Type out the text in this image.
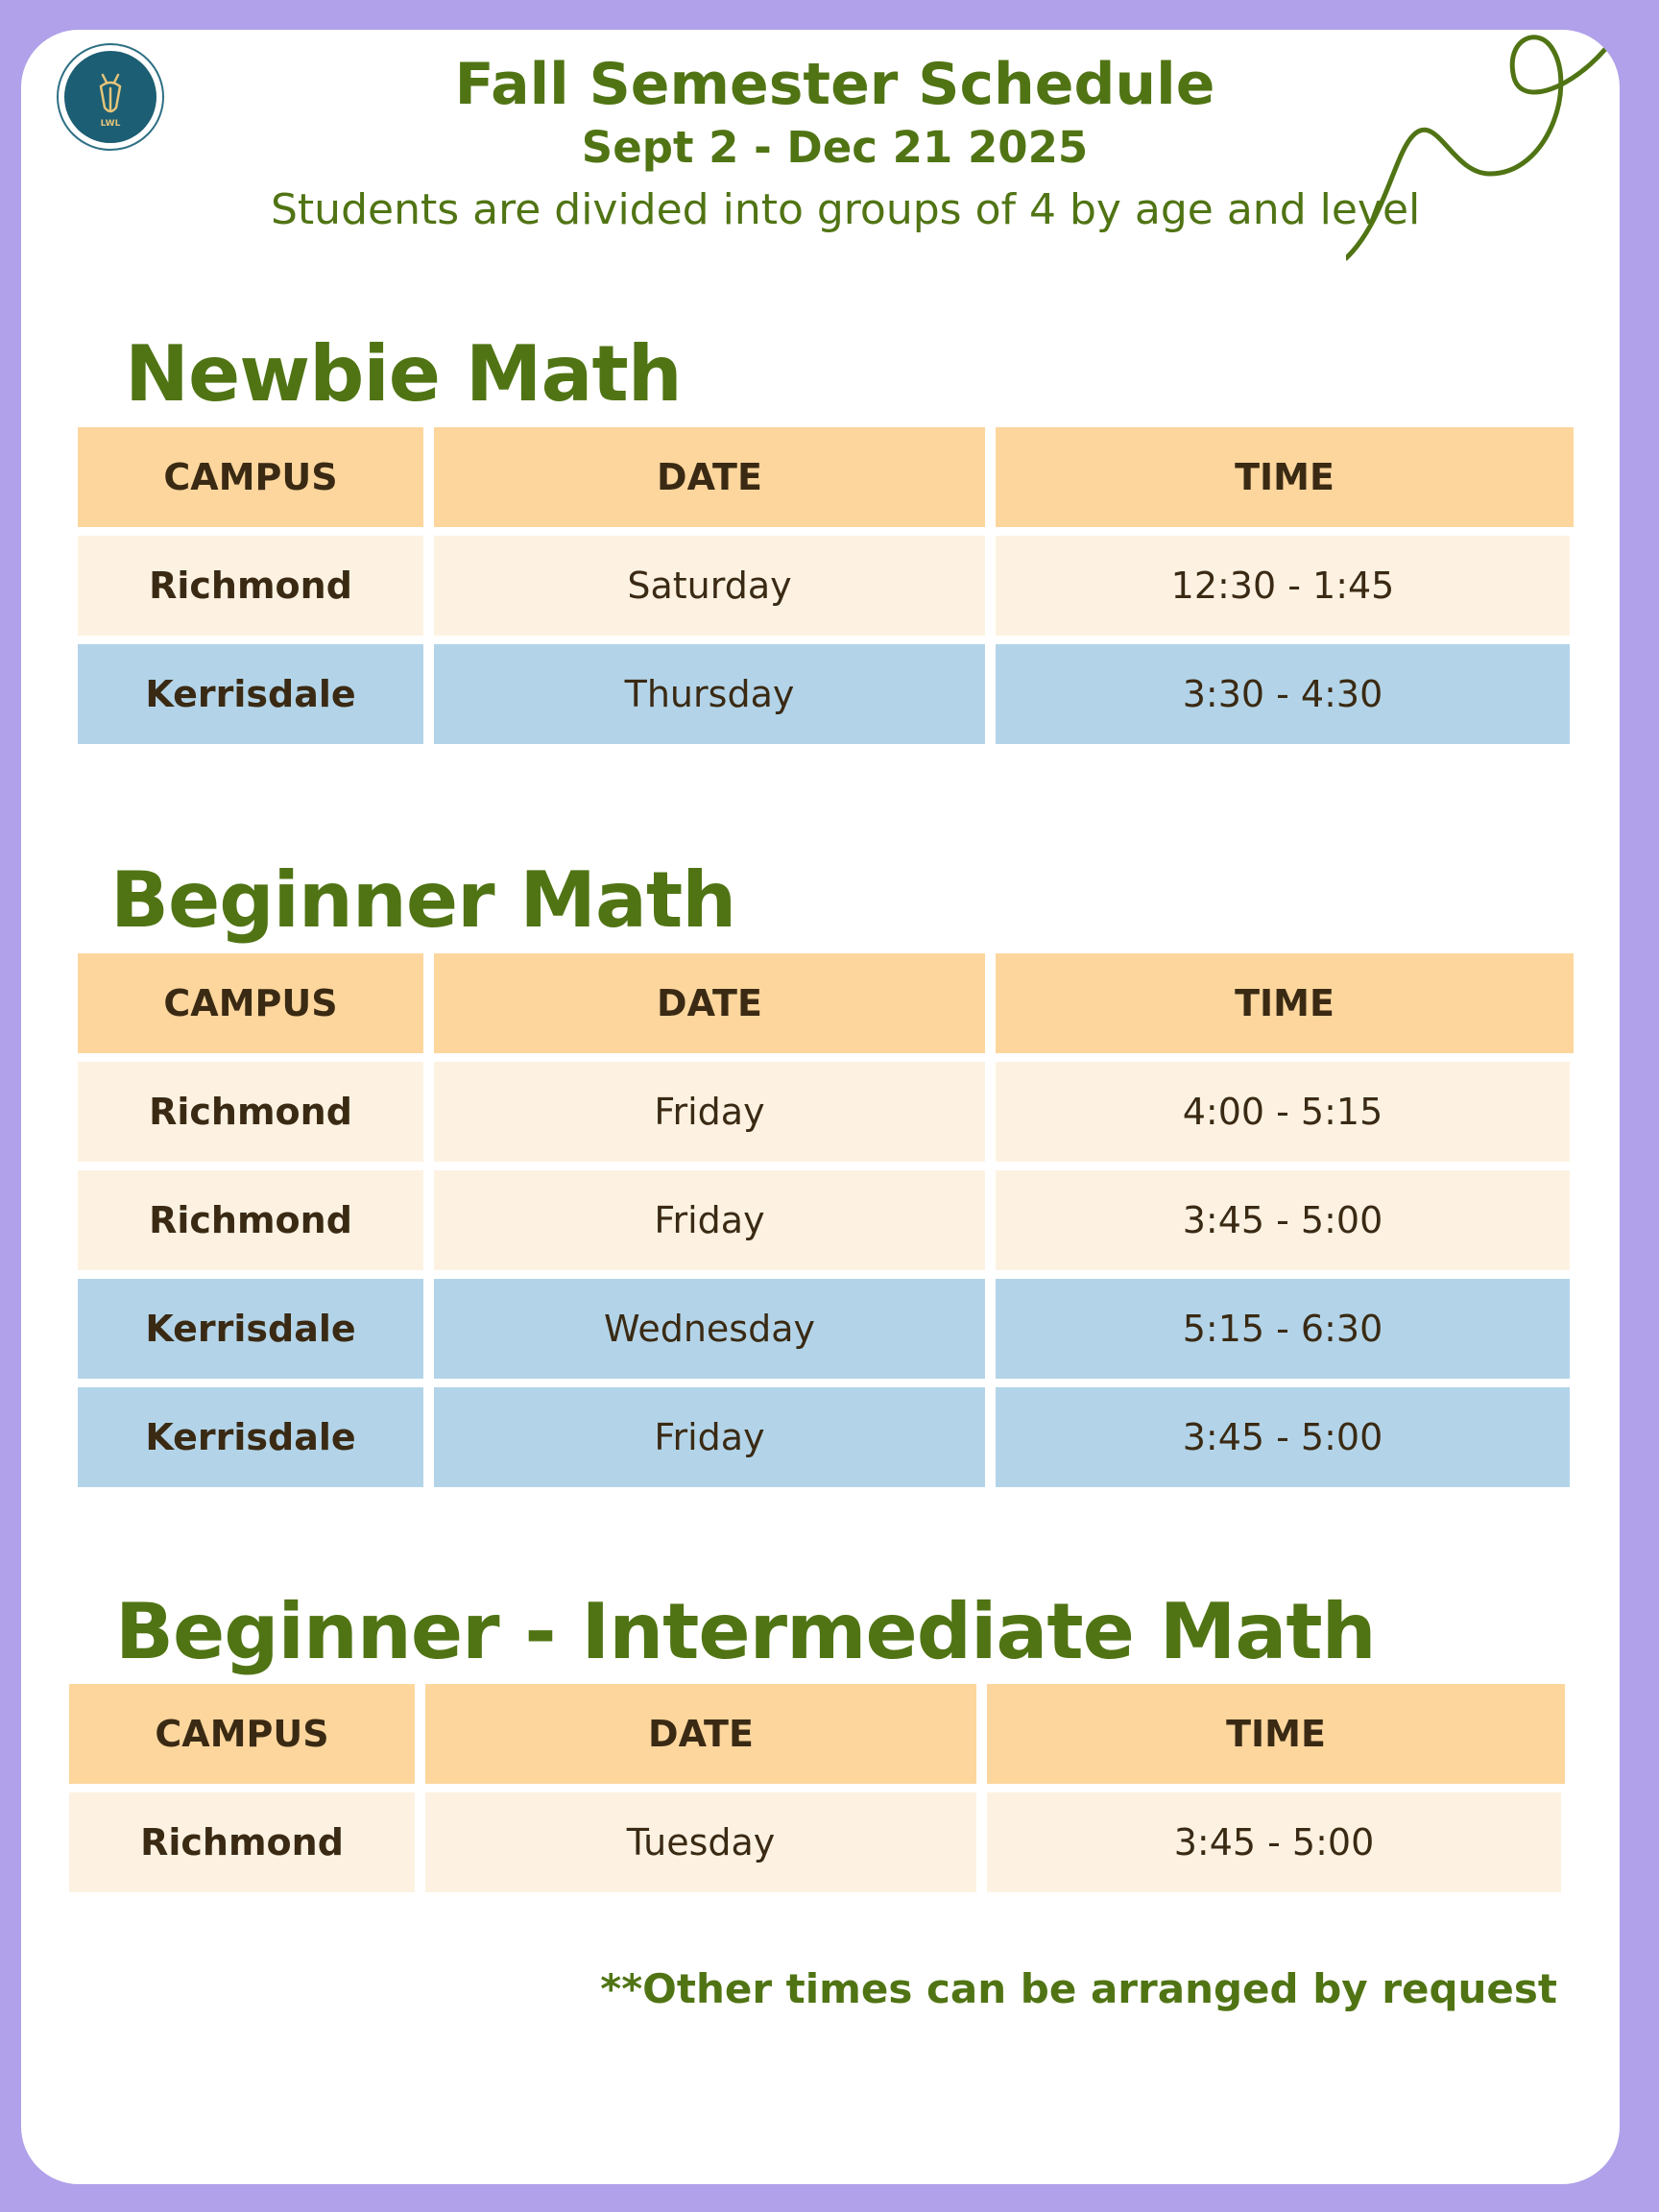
LWL
Fall Semester Schedule
Sept 2 - Dec 21 2025
Students are divided into groups of 4 by age and level
Newbie Math
CAMPUS	DATE	TIME
Richmond	Saturday	12:30 - 1:45
Kerrisdale	Thursday	3:30 - 4:30
Beginner Math
CAMPUS	DATE	TIME
Richmond	Friday	4:00 - 5:15
Richmond	Friday	3:45 - 5:00
Kerrisdale	Wednesday	5:15 - 6:30
Kerrisdale	Friday	3:45 - 5:00
Beginner - Intermediate Math
CAMPUS	DATE	TIME
Richmond	Tuesday	3:45 - 5:00
**Other times can be arranged by request
